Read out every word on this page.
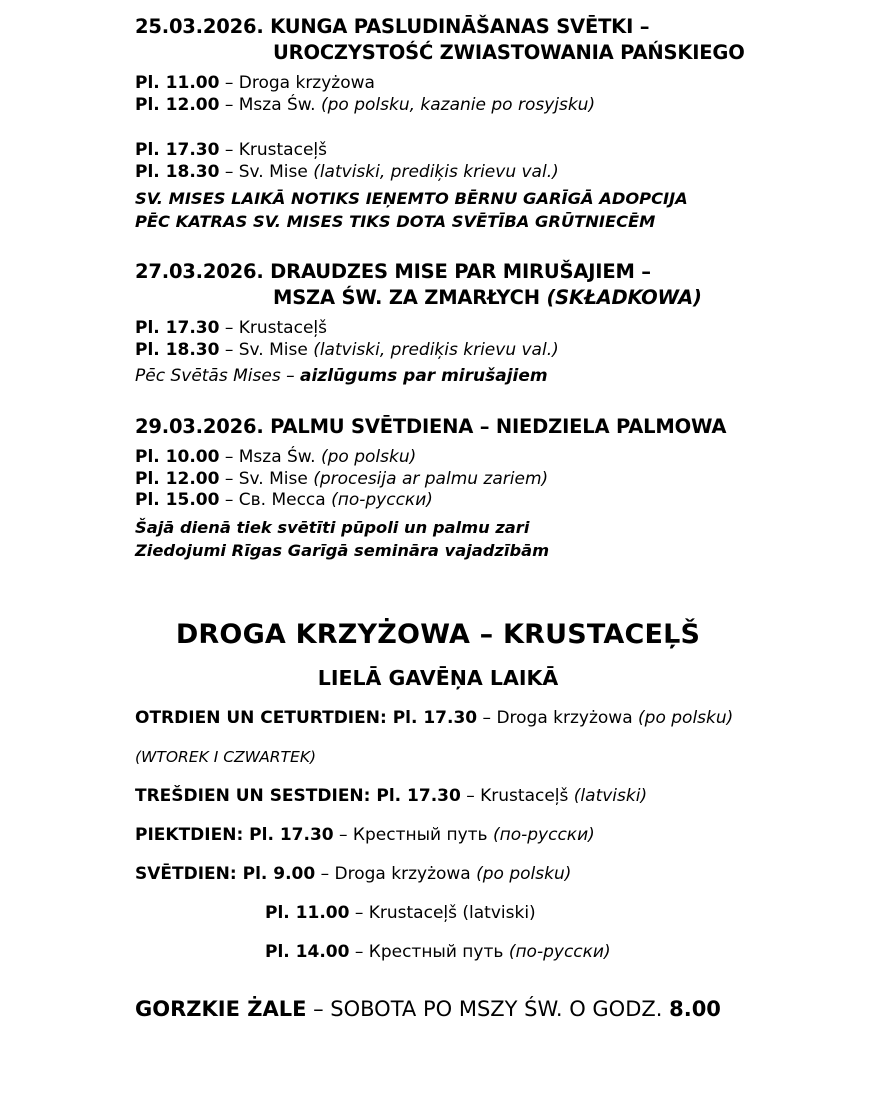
25.03.2026. KUNGA PASLUDINĀŠANAS SVĒTKI –
UROCZYSTOŚĆ ZWIASTOWANIA PAŃSKIEGO
Pl. 11.00 – Droga krzyżowa
Pl. 12.00 – Msza Św. (po polsku, kazanie po rosyjsku)
Pl. 17.30 – Krustaceļš
Pl. 18.30 – Sv. Mise (latviski, prediķis krievu val.)
SV. MISES LAIKĀ NOTIKS IEŅEMTO BĒRNU GARĪGĀ ADOPCIJA
PĒC KATRAS SV. MISES TIKS DOTA SVĒTĪBA GRŪTNIECĒM
27.03.2026. DRAUDZES MISE PAR MIRUŠAJIEM –
MSZA ŚW. ZA ZMARŁYCH (SKŁADKOWA)
Pl. 17.30 – Krustaceļš
Pl. 18.30 – Sv. Mise (latviski, prediķis krievu val.)
Pēc Svētās Mises – aizlūgums par mirušajiem
29.03.2026. PALMU SVĒTDIENA – NIEDZIELA PALMOWA
Pl. 10.00 – Msza Św. (po polsku)
Pl. 12.00 – Sv. Mise (procesija ar palmu zariem)
Pl. 15.00 – Св. Месса (по-русски)
Šajā dienā tiek svētīti pūpoli un palmu zari
Ziedojumi Rīgas Garīgā semināra vajadzībām
DROGA KRZYŻOWA – KRUSTACEĻŠ
LIELĀ GAVĒŅA LAIKĀ
OTRDIEN UN CETURTDIEN: Pl. 17.30 – Droga krzyżowa (po polsku)
(WTOREK I CZWARTEK)
TREŠDIEN UN SESTDIEN: Pl. 17.30 – Krustaceļš (latviski)
PIEKTDIEN: Pl. 17.30 – Крестный путь (по-русски)
SVĒTDIEN: Pl. 9.00 – Droga krzyżowa (po polsku)
Pl. 11.00 – Krustaceļš (latviski)
Pl. 14.00 – Крестный путь (по-русски)
GORZKIE ŻALE – SOBOTA PO MSZY ŚW. O GODZ. 8.00
